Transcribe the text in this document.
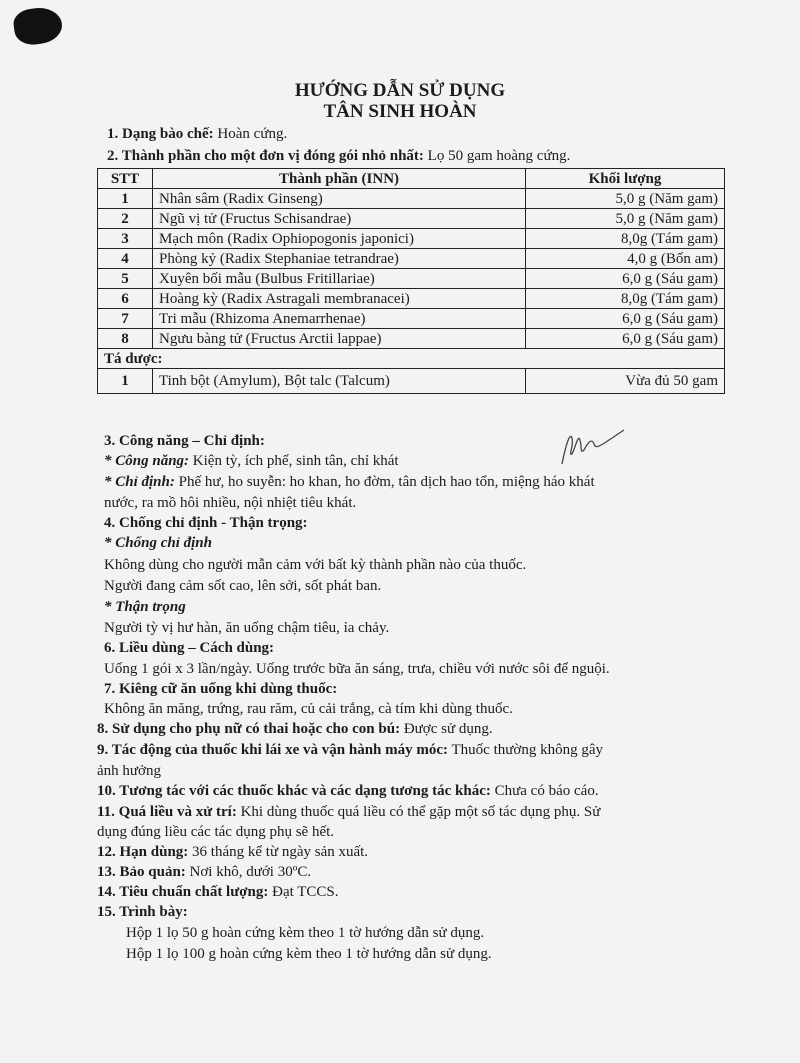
HƯỚNG DẪN SỬ DỤNG
TÂN SINH HOÀN
1. Dạng bào chế: Hoàn cứng.
2. Thành phần cho một đơn vị đóng gói nhỏ nhất: Lọ 50 gam hoàng cứng.
STT	Thành phần (INN)	Khối lượng
1	Nhân sâm (Radix Ginseng)	5,0 g (Năm gam)
2	Ngũ vị tử (Fructus Schisandrae)	5,0 g (Năm gam)
3	Mạch môn (Radix Ophiopogonis japonici)	8,0g (Tám gam)
4	Phòng kỷ (Radix Stephaniae tetrandrae)	4,0 g (Bốn am)
5	Xuyên bối mẫu (Bulbus Fritillariae)	6,0 g (Sáu gam)
6	Hoàng kỳ (Radix Astragali membranacei)	8,0g (Tám gam)
7	Tri mẫu (Rhizoma Anemarrhenae)	6,0 g (Sáu gam)
8	Ngưu bàng tử (Fructus Arctii lappae)	6,0 g (Sáu gam)
Tá dược:		
1	Tinh bột (Amylum), Bột talc (Talcum)	Vừa đủ 50 gam
3. Công năng – Chỉ định:
* Công năng: Kiện tỳ, ích phế, sinh tân, chỉ khát
* Chỉ định: Phế hư, ho suyễn: ho khan, ho đờm, tân dịch hao tổn, miệng háo khát
nước, ra mồ hôi nhiều, nội nhiệt tiêu khát.
4. Chống chỉ định - Thận trọng:
* Chống chỉ định
Không dùng cho người mẫn cảm với bất kỳ thành phần nào của thuốc.
Người đang cảm sốt cao, lên sởi, sốt phát ban.
* Thận trọng
Người tỳ vị hư hàn, ăn uống chậm tiêu, ỉa chảy.
6. Liều dùng – Cách dùng:
Uống 1 gói x 3 lần/ngày. Uống trước bữa ăn sáng, trưa, chiều với nước sôi để nguội.
7. Kiêng cữ ăn uống khi dùng thuốc:
Không ăn măng, trứng, rau răm, củ cải trắng, cà tím khi dùng thuốc.
8. Sử dụng cho phụ nữ có thai hoặc cho con bú: Được sử dụng.
9. Tác động của thuốc khi lái xe và vận hành máy móc: Thuốc thường không gây
ảnh hưởng
10. Tương tác với các thuốc khác và các dạng tương tác khác: Chưa có báo cáo.
11. Quá liều và xử trí: Khi dùng thuốc quá liều có thể gặp một số tác dụng phụ. Sử
dụng đúng liều các tác dụng phụ sẽ hết.
12. Hạn dùng: 36 tháng kể từ ngày sản xuất.
13. Bảo quản: Nơi khô, dưới 30ºC.
14. Tiêu chuẩn chất lượng: Đạt TCCS.
15. Trình bày:
Hộp 1 lọ 50 g hoàn cứng kèm theo 1 tờ hướng dẫn sử dụng.
Hộp 1 lọ 100 g hoàn cứng kèm theo 1 tờ hướng dẫn sử dụng.
